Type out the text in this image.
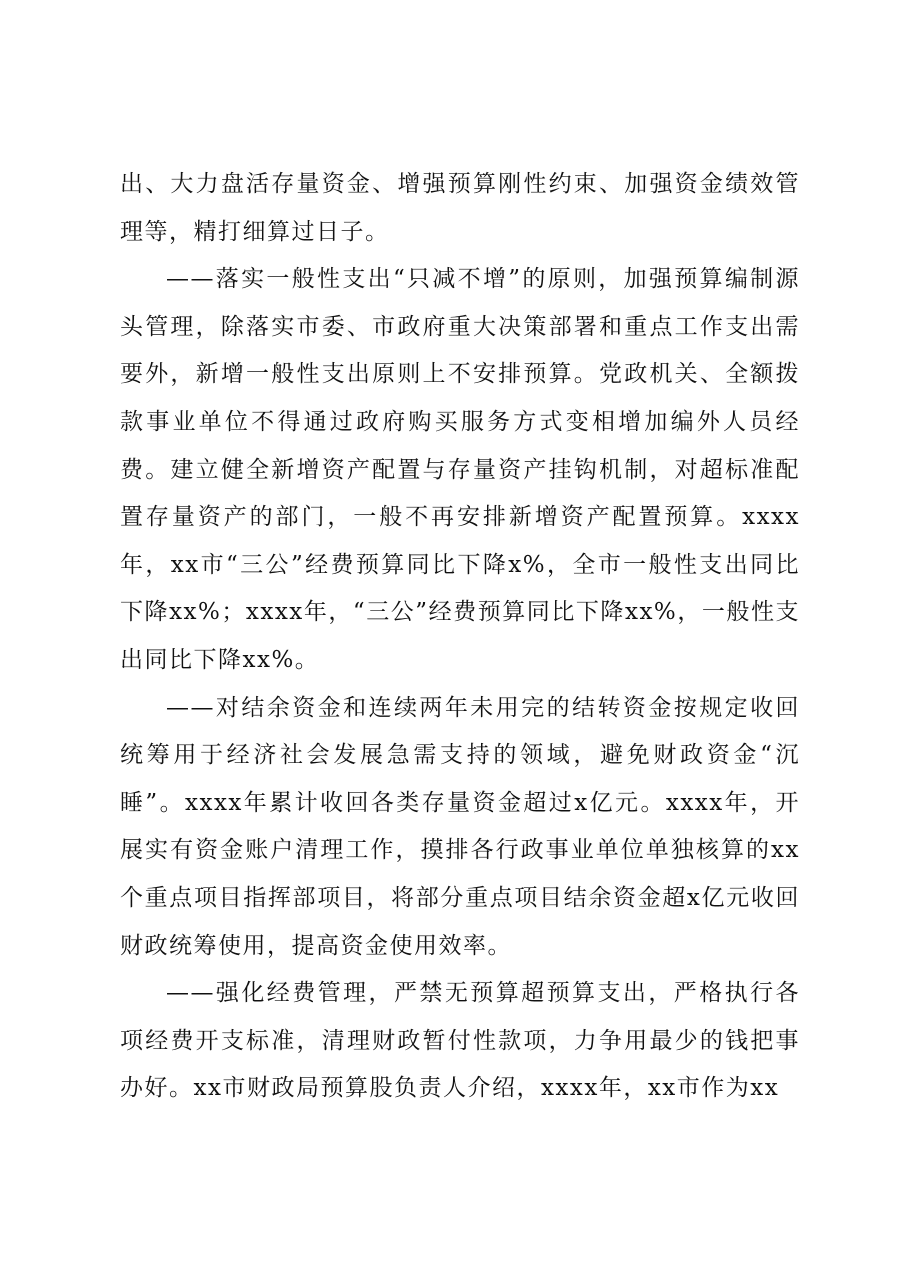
出、大力盘活存量资金、增强预算刚性约束、加强资金绩效管理等，精打细算过日子。

——落实一般性支出“只减不增”的原则，加强预算编制源头管理，除落实市委、市政府重大决策部署和重点工作支出需要外，新增一般性支出原则上不安排预算。党政机关、全额拨款事业单位不得通过政府购买服务方式变相增加编外人员经费。建立健全新增资产配置与存量资产挂钩机制，对超标准配置存量资产的部门，一般不再安排新增资产配置预算。xxxx年，xx市“三公”经费预算同比下降x%，全市一般性支出同比下降xx%；xxxx年，“三公”经费预算同比下降xx%，一般性支出同比下降xx%。

——对结余资金和连续两年未用完的结转资金按规定收回统筹用于经济社会发展急需支持的领域，避免财政资金“沉睡”。xxxx年累计收回各类存量资金超过x亿元。xxxx年，开展实有资金账户清理工作，摸排各行政事业单位单独核算的xx个重点项目指挥部项目，将部分重点项目结余资金超x亿元收回财政统筹使用，提高资金使用效率。

——强化经费管理，严禁无预算超预算支出，严格执行各项经费开支标准，清理财政暂付性款项，力争用最少的钱把事办好。xx市财政局预算股负责人介绍，xxxx年，xx市作为xx
